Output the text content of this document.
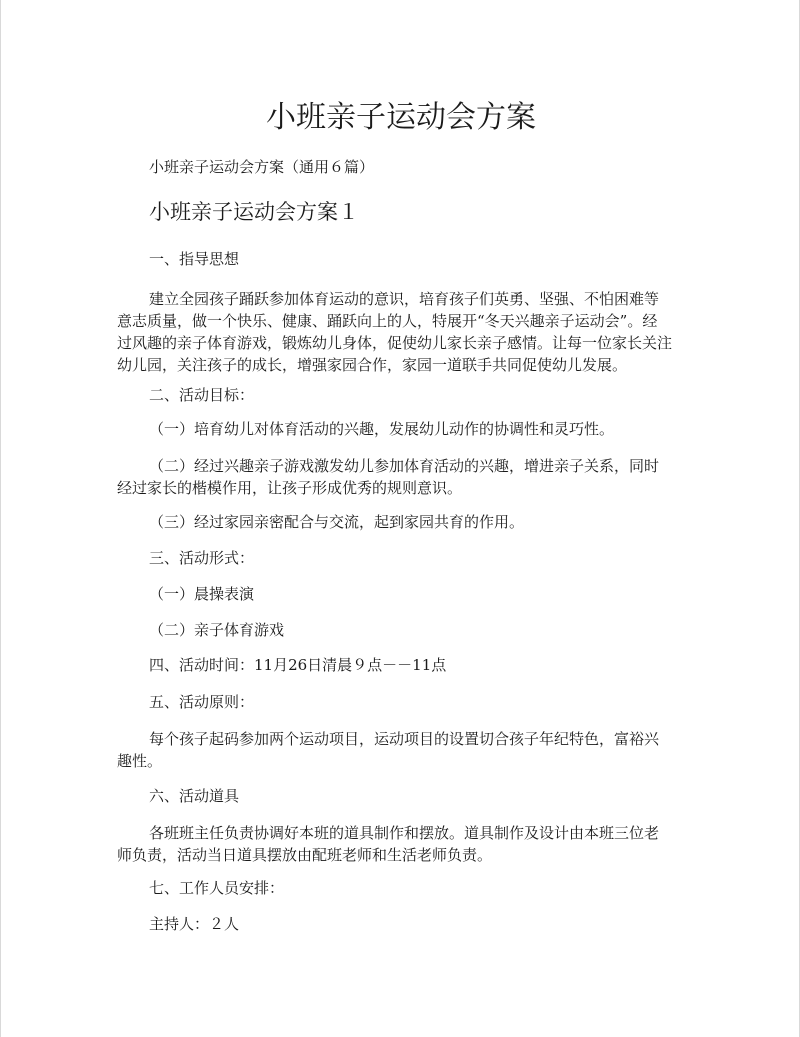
小班亲子运动会方案

小班亲子运动会方案（通用６篇）

小班亲子运动会方案１

一、指导思想

建立全园孩子踊跃参加体育运动的意识，培育孩子们英勇、坚强、不怕困难等
意志质量，做一个快乐、健康、踊跃向上的人，特展开“冬天兴趣亲子运动会”。经
过风趣的亲子体育游戏，锻炼幼儿身体，促使幼儿家长亲子感情。让每一位家长关注
幼儿园，关注孩子的成长，增强家园合作，家园一道联手共同促使幼儿发展。

二、活动目标：

（一）培育幼儿对体育活动的兴趣，发展幼儿动作的协调性和灵巧性。

（二）经过兴趣亲子游戏激发幼儿参加体育活动的兴趣，增进亲子关系，同时
经过家长的楷模作用，让孩子形成优秀的规则意识。

（三）经过家园亲密配合与交流，起到家园共育的作用。

三、活动形式：

（一）晨操表演

（二）亲子体育游戏

四、活动时间：11月26日清晨９点－－11点

五、活动原则：

每个孩子起码参加两个运动项目，运动项目的设置切合孩子年纪特色，富裕兴
趣性。

六、活动道具

各班班主任负责协调好本班的道具制作和摆放。道具制作及设计由本班三位老
师负责，活动当日道具摆放由配班老师和生活老师负责。

七、工作人员安排：

主持人：２人
